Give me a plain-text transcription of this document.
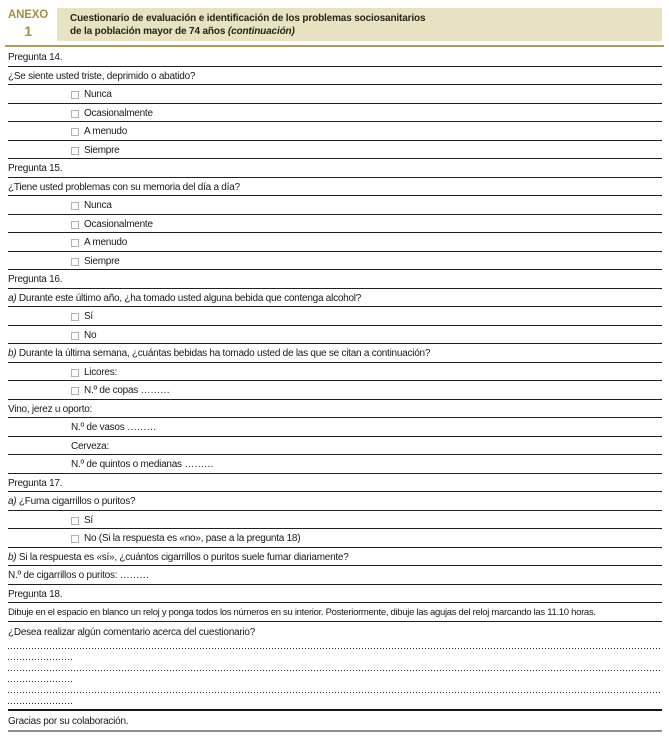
ANEXO
1
Cuestionario de evaluación e identificación de los problemas sociosanitarios
de la población mayor de 74 años (continuación)
Pregunta 14.
¿Se siente usted triste, deprimido o abatido?
Nunca
Ocasionalmente
A menudo
Siempre
Pregunta 15.
¿Tiene usted problemas con su memoria del día a día?
Nunca
Ocasionalmente
A menudo
Siempre
Pregunta 16.
a) Durante este último año, ¿ha tomado usted alguna bebida que contenga alcohol?
Sí
No
b) Durante la última semana, ¿cuántas bebidas ha tomado usted de las que se citan a continuación?
Licores:
N.º de copas ………
Vino, jerez u oporto:
N.º de vasos ………
Cerveza:
N.º de quintos o medianas ………
Pregunta 17.
a) ¿Fuma cigarrillos o puritos?
Sí
No (Si la respuesta es «no», pase a la pregunta 18)
b) Si la respuesta es «sí», ¿cuántos cigarrillos o puritos suele fumar diariamente?
N.º de cigarrillos o puritos: ………
Pregunta 18.
Dibuje en el espacio en blanco un reloj y ponga todos los números en su interior. Posteriormente, dibuje las agujas del reloj marcando las 11.10 horas.
¿Desea realizar algún comentario acerca del cuestionario?
Gracias por su colaboración.
